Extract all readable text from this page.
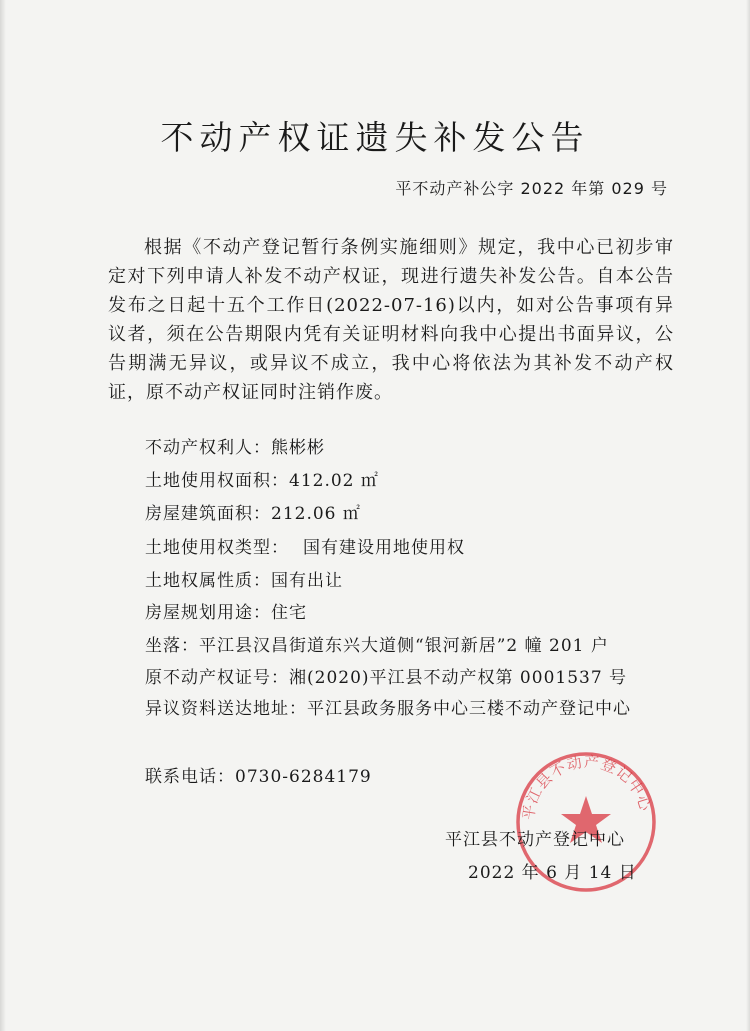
不动产权证遗失补发公告
平不动产补公字 2022 年第 029 号

根据《不动产登记暂行条例实施细则》规定，我中心已初步审定对下列申请人补发不动产权证，现进行遗失补发公告。自本公告发布之日起十五个工作日(2022-07-16)以内，如对公告事项有异议者，须在公告期限内凭有关证明材料向我中心提出书面异议，公告期满无异议，或异议不成立，我中心将依法为其补发不动产权证，原不动产权证同时注销作废。

不动产权利人：熊彬彬
土地使用权面积：412.02 ㎡
房屋建筑面积：212.06 ㎡
土地使用权类型： 国有建设用地使用权
土地权属性质：国有出让
房屋规划用途：住宅
坐落：平江县汉昌街道东兴大道侧“银河新居”2 幢 201 户
原不动产权证号：湘(2020)平江县不动产权第 0001537 号
异议资料送达地址：平江县政务服务中心三楼不动产登记中心
联系电话：0730-6284179
平江县不动产登记中心
平江县不动产登记中心
2022 年 6 月 14 日
